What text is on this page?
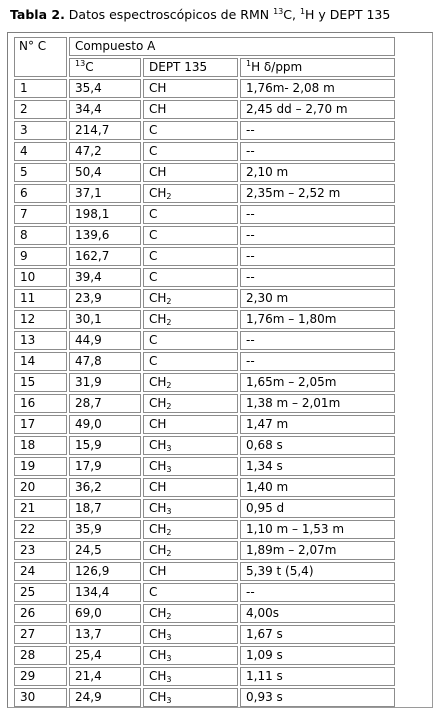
Tabla 2. Datos espectroscópicos de RMN $^{13}$C, $^1$H y DEPT 135
N° C	Compuesto A		
	$^{13}$C	DEPT 135	$^1$H δ/ppm
1	35,4	CH	1,76m- 2,08 m
2	34,4	CH	2,45 dd – 2,70 m
3	214,7	C	--
4	47,2	C	--
5	50,4	CH	2,10 m
6	37,1	$CH_2$	2,35m – 2,52 m
7	198,1	C	--
8	139,6	C	--
9	162,7	C	--
10	39,4	C	--
11	23,9	$CH_2$	2,30 m
12	30,1	$CH_2$	1,76m – 1,80m
13	44,9	C	--
14	47,8	C	--
15	31,9	$CH_2$	1,65m – 2,05m
16	28,7	$CH_2$	1,38 m – 2,01m
17	49,0	CH	1,47 m
18	15,9	$CH_3$	0,68 s
19	17,9	$CH_3$	1,34 s
20	36,2	CH	1,40 m
21	18,7	$CH_3$	0,95 d
22	35,9	$CH_2$	1,10 m – 1,53 m
23	24,5	$CH_2$	1,89m – 2,07m
24	126,9	CH	5,39 t (5,4)
25	134,4	C	--
26	69,0	$CH_2$	4,00s
27	13,7	$CH_3$	1,67 s
28	25,4	$CH_3$	1,09 s
29	21,4	$CH_3$	1,11 s
30	24,9	$CH_3$	0,93 s
